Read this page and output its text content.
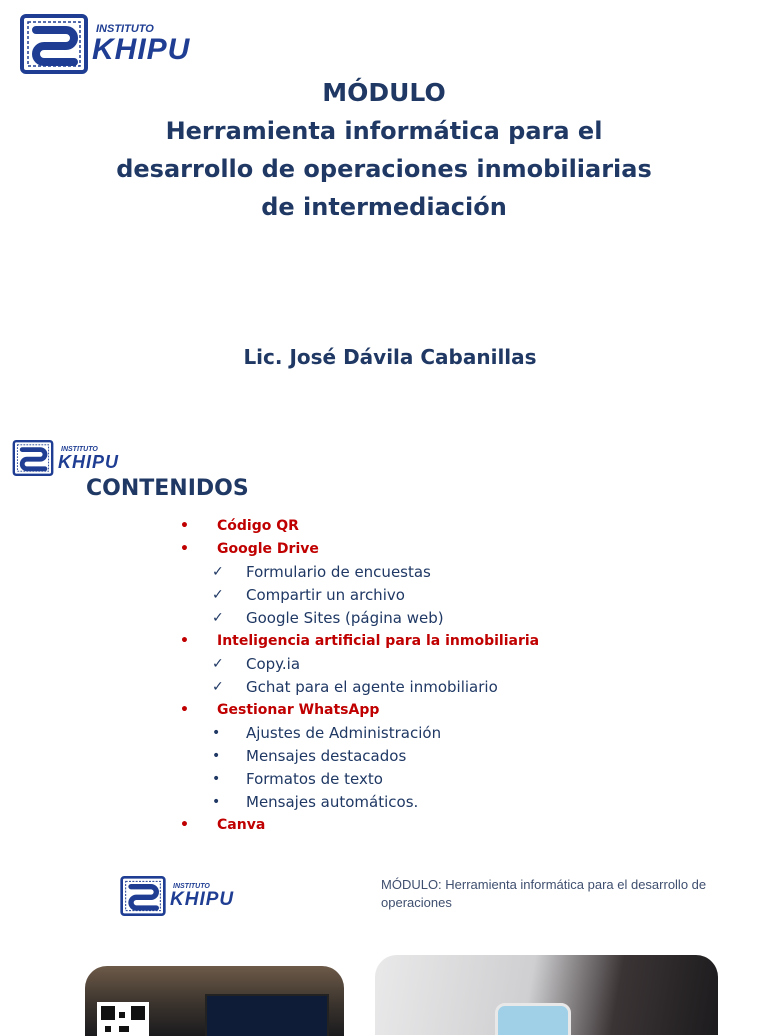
INSTITUTO
KHIPU
MÓDULO
Herramienta informática para el
desarrollo de operaciones inmobiliarias
de intermediación
Lic. José Dávila Cabanillas
INSTITUTO
KHIPU
CONTENIDOS
• Código QR
• Google Drive
✓ Formulario de encuestas
✓ Compartir un archivo
✓ Google Sites (página web)
• Inteligencia artificial para la inmobiliaria
✓ Copy.ia
✓ Gchat para el agente inmobiliario
• Gestionar WhatsApp
• Ajustes de Administración
• Mensajes destacados
• Formatos de texto
• Mensajes automáticos.
• Canva
INSTITUTO
KHIPU
MÓDULO: Herramienta informática para el desarrollo de operaciones
